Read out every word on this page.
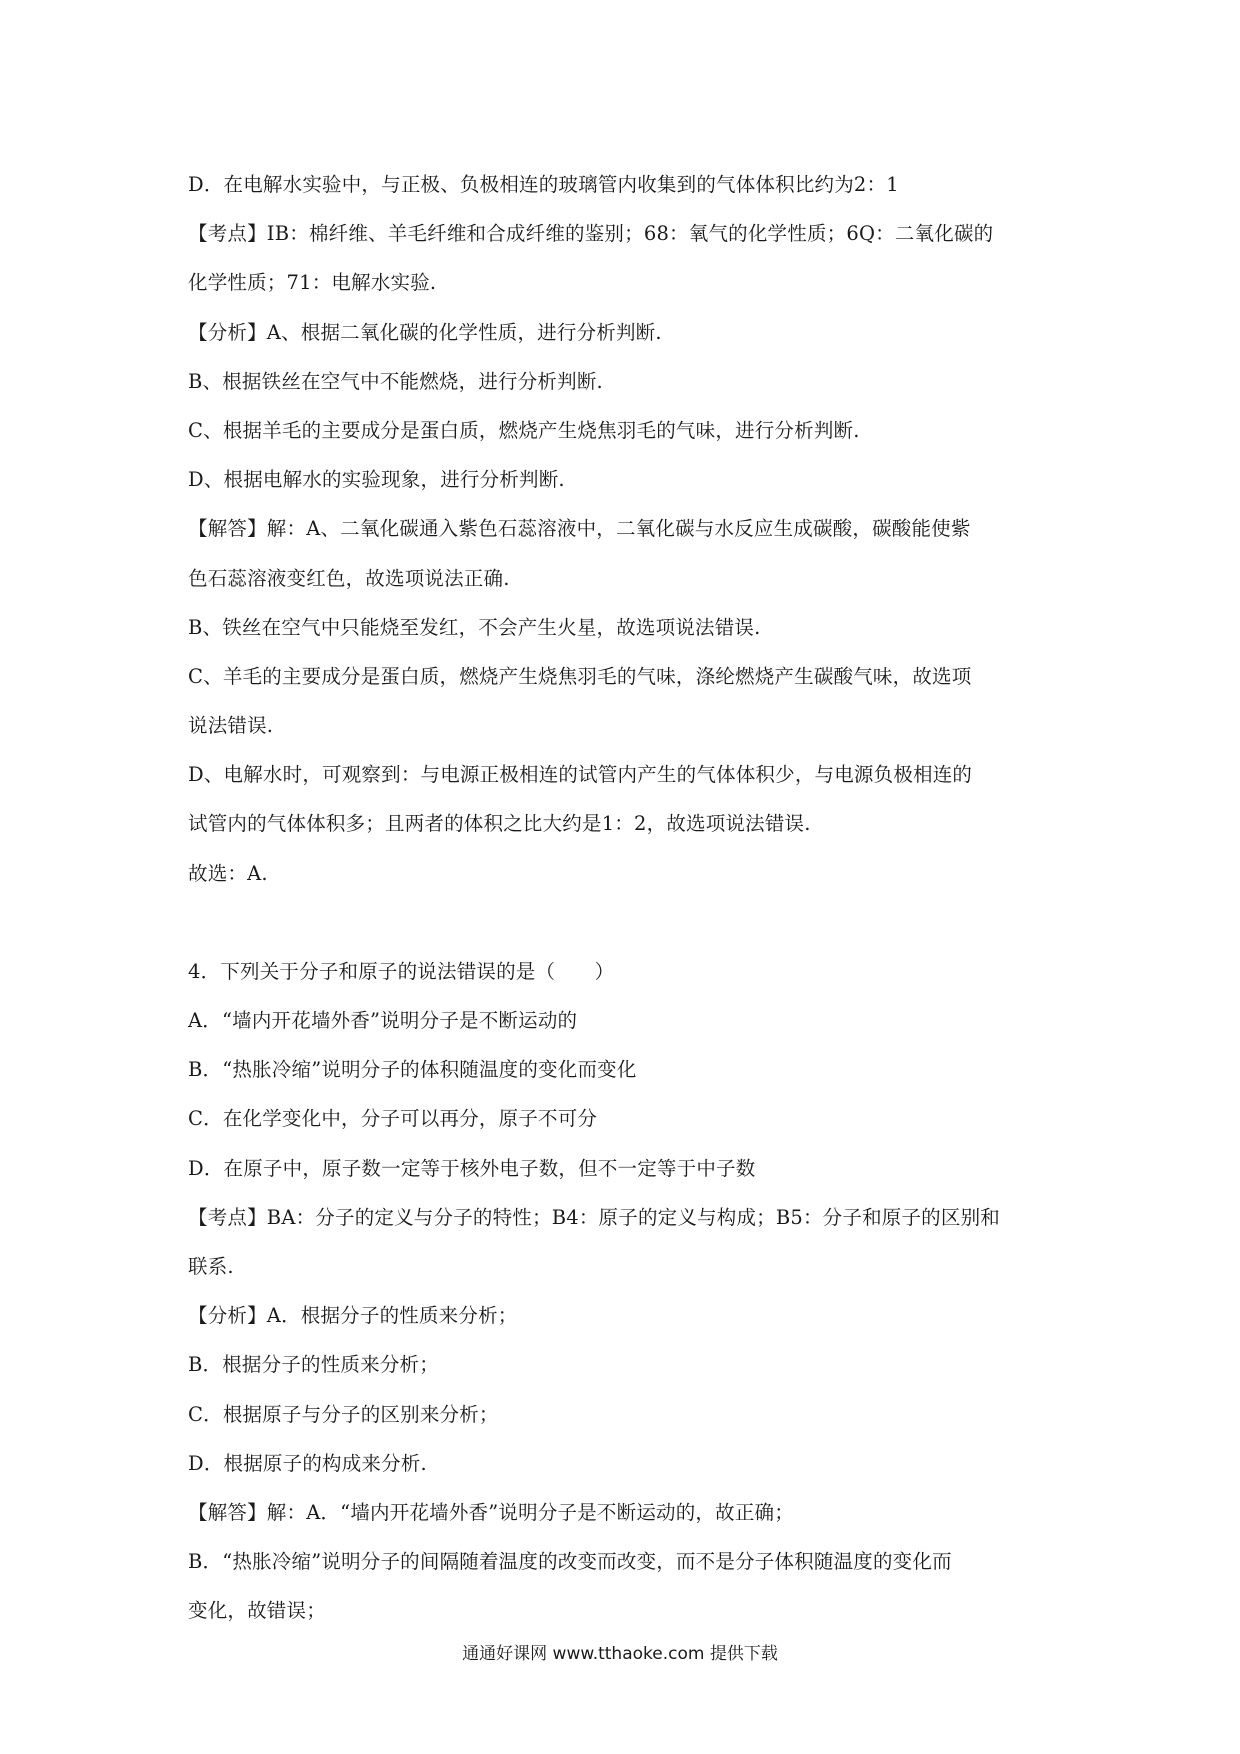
D．在电解水实验中，与正极、负极相连的玻璃管内收集到的气体体积比约为2：1
【考点】IB：棉纤维、羊毛纤维和合成纤维的鉴别；68：氧气的化学性质；6Q：二氧化碳的
化学性质；71：电解水实验.
【分析】A、根据二氧化碳的化学性质，进行分析判断.
B、根据铁丝在空气中不能燃烧，进行分析判断.
C、根据羊毛的主要成分是蛋白质，燃烧产生烧焦羽毛的气味，进行分析判断.
D、根据电解水的实验现象，进行分析判断.
【解答】解：A、二氧化碳通入紫色石蕊溶液中，二氧化碳与水反应生成碳酸，碳酸能使紫
色石蕊溶液变红色，故选项说法正确.
B、铁丝在空气中只能烧至发红，不会产生火星，故选项说法错误.
C、羊毛的主要成分是蛋白质，燃烧产生烧焦羽毛的气味，涤纶燃烧产生碳酸气味，故选项
说法错误.
D、电解水时，可观察到：与电源正极相连的试管内产生的气体体积少，与电源负极相连的
试管内的气体体积多；且两者的体积之比大约是1：2，故选项说法错误.
故选：A.
4．下列关于分子和原子的说法错误的是（　　）
A．“墙内开花墙外香”说明分子是不断运动的
B．“热胀冷缩”说明分子的体积随温度的变化而变化
C．在化学变化中，分子可以再分，原子不可分
D．在原子中，原子数一定等于核外电子数，但不一定等于中子数
【考点】BA：分子的定义与分子的特性；B4：原子的定义与构成；B5：分子和原子的区别和
联系.
【分析】A．根据分子的性质来分析；
B．根据分子的性质来分析；
C．根据原子与分子的区别来分析；
D．根据原子的构成来分析.
【解答】解：A．“墙内开花墙外香”说明分子是不断运动的，故正确；
B．“热胀冷缩”说明分子的间隔随着温度的改变而改变，而不是分子体积随温度的变化而
变化，故错误；
通通好课网 www.tthaoke.com 提供下载
